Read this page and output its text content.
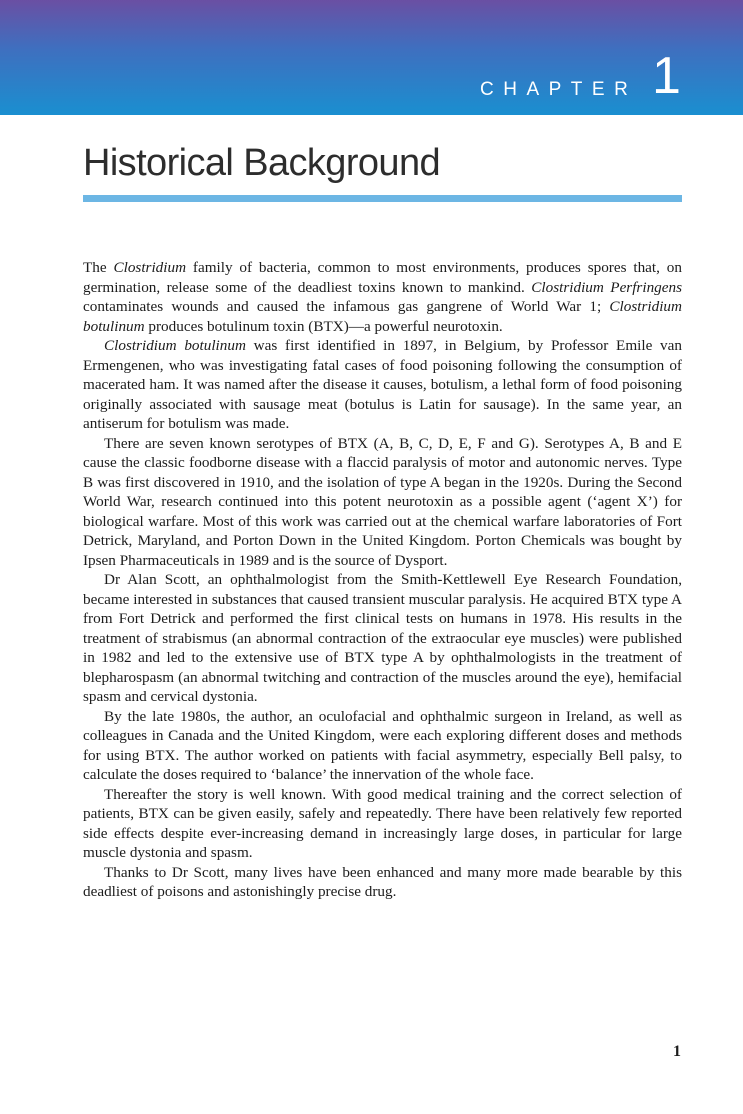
CHAPTER 1
Historical Background

The Clostridium family of bacteria, common to most environments, produces spores that, on germination, release some of the deadliest toxins known to mankind. Clostridium Perfringens contaminates wounds and caused the infamous gas gangrene of World War 1; Clostridium botulinum produces botulinum toxin (BTX)—a powerful neurotoxin.

Clostridium botulinum was first identified in 1897, in Belgium, by Professor Emile van Ermengenen, who was investigating fatal cases of food poisoning following the consumption of macerated ham. It was named after the disease it causes, botulism, a lethal form of food poisoning originally associated with sausage meat (botulus is Latin for sausage). In the same year, an antiserum for botulism was made.

There are seven known serotypes of BTX (A, B, C, D, E, F and G). Serotypes A, B and E cause the classic foodborne disease with a flaccid paralysis of motor and autonomic nerves. Type B was first discovered in 1910, and the isolation of type A began in the 1920s. During the Second World War, research continued into this potent neurotoxin as a possible agent (‘agent X’) for biological warfare. Most of this work was carried out at the chemical warfare laboratories of Fort Detrick, Maryland, and Porton Down in the United Kingdom. Porton Chemicals was bought by Ipsen Pharmaceuticals in 1989 and is the source of Dysport.

Dr Alan Scott, an ophthalmologist from the Smith-Kettlewell Eye Research Foundation, became interested in substances that caused transient muscular paralysis. He acquired BTX type A from Fort Detrick and performed the first clinical tests on humans in 1978. His results in the treatment of strabismus (an abnormal contraction of the extraocular eye muscles) were published in 1982 and led to the extensive use of BTX type A by ophthalmologists in the treatment of blepharospasm (an abnormal twitching and contraction of the muscles around the eye), hemifacial spasm and cervical dystonia.

By the late 1980s, the author, an oculofacial and ophthalmic surgeon in Ireland, as well as colleagues in Canada and the United Kingdom, were each exploring different doses and methods for using BTX. The author worked on patients with facial asymmetry, especially Bell palsy, to calculate the doses required to ‘balance’ the innervation of the whole face.

Thereafter the story is well known. With good medical training and the correct selection of patients, BTX can be given easily, safely and repeatedly. There have been relatively few reported side effects despite ever-increasing demand in increasingly large doses, in particular for large muscle dystonia and spasm.

Thanks to Dr Scott, many lives have been enhanced and many more made bearable by this deadliest of poisons and astonishingly precise drug.

1
